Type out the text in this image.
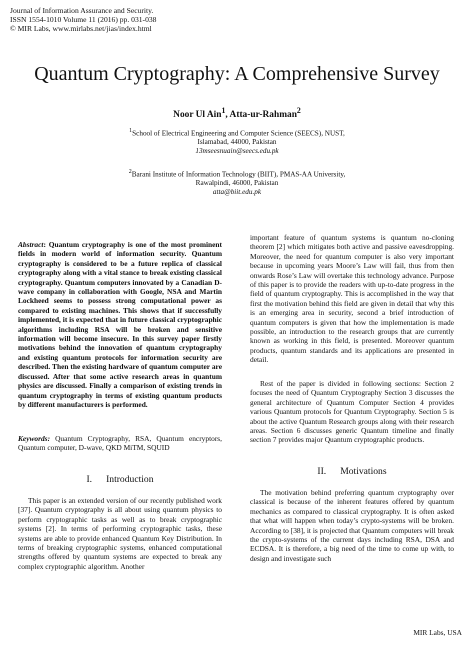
Journal of Information Assurance and Security.
ISSN 1554-1010 Volume 11 (2016) pp. 031-038
© MIR Labs, www.mirlabs.net/jias/index.html
Quantum Cryptography: A Comprehensive Survey
Noor Ul Ain$^1$, Atta-ur-Rahman$^2$
$^1$School of Electrical Engineering and Computer Science (SEECS), NUST,
Islamabad, 44000, Pakistan
13mseesnuain@seecs.edu.pk
$^2$Barani Institute of Information Technology (BIIT), PMAS-AA University,
Rawalpindi, 46000, Pakistan
atta@biit.edu.pk

Abstract: Quantum cryptography is one of the most prominent fields in modern world of information security. Quantum cryptography is considered to be a future replica of classical cryptography along with a vital stance to break existing classical cryptography. Quantum computers innovated by a Canadian D-wave company in collaboration with Google, NSA and Martin Lockheed seems to possess strong computational power as compared to existing machines. This shows that if successfully implemented, it is expected that in future classical cryptographic algorithms including RSA will be broken and sensitive information will become insecure. In this survey paper firstly motivations behind the innovation of quantum cryptography and existing quantum protocols for information security are described. Then the existing hardware of quantum computer are discussed. After that some active research areas in quantum physics are discussed. Finally a comparison of existing trends in quantum cryptography in terms of existing quantum products by different manufacturers is performed.

Keywords: Quantum Cryptography, RSA, Quantum encryptors, Quantum computer, D-wave, QKD MiTM, SQUID

I. Introduction

This paper is an extended version of our recently published work [37]. Quantum cryptography is all about using quantum physics to perform cryptographic tasks as well as to break cryptographic systems [2]. In terms of performing cryptographic tasks, these systems are able to provide enhanced Quantum Key Distribution. In terms of breaking cryptographic systems, enhanced computational strengths offered by quantum systems are expected to break any complex cryptographic algorithm. Another

important feature of quantum systems is quantum no-cloning theorem [2] which mitigates both active and passive eavesdropping. Moreover, the need for quantum computer is also very important because in upcoming years Moore’s Law will fail, thus from then onwards Rose’s Law will overtake this technology advance. Purpose of this paper is to provide the readers with up-to-date progress in the field of quantum cryptography. This is accomplished in the way that first the motivation behind this field are given in detail that why this is an emerging area in security, second a brief introduction of quantum computers is given that how the implementation is made possible, an introduction to the research groups that are currently known as working in this field, is presented. Moreover quantum products, quantum standards and its applications are presented in detail.

Rest of the paper is divided in following sections: Section 2 focuses the need of Quantum Cryptography Section 3 discusses the general architecture of Quantum Computer Section 4 provides various Quantum protocols for Quantum Cryptography. Section 5 is about the active Quantum Research groups along with their research areas. Section 6 discusses generic Quantum timeline and finally section 7 provides major Quantum cryptographic products.

II. Motivations

The motivation behind preferring quantum cryptography over classical is because of the inherent features offered by quantum mechanics as compared to classical cryptography. It is often asked that what will happen when today’s crypto-systems will be broken. According to [38], it is projected that Quantum computers will break the crypto-systems of the current days including RSA, DSA and ECDSA. It is therefore, a big need of the time to come up with, to design and investigate such

MIR Labs, USA
